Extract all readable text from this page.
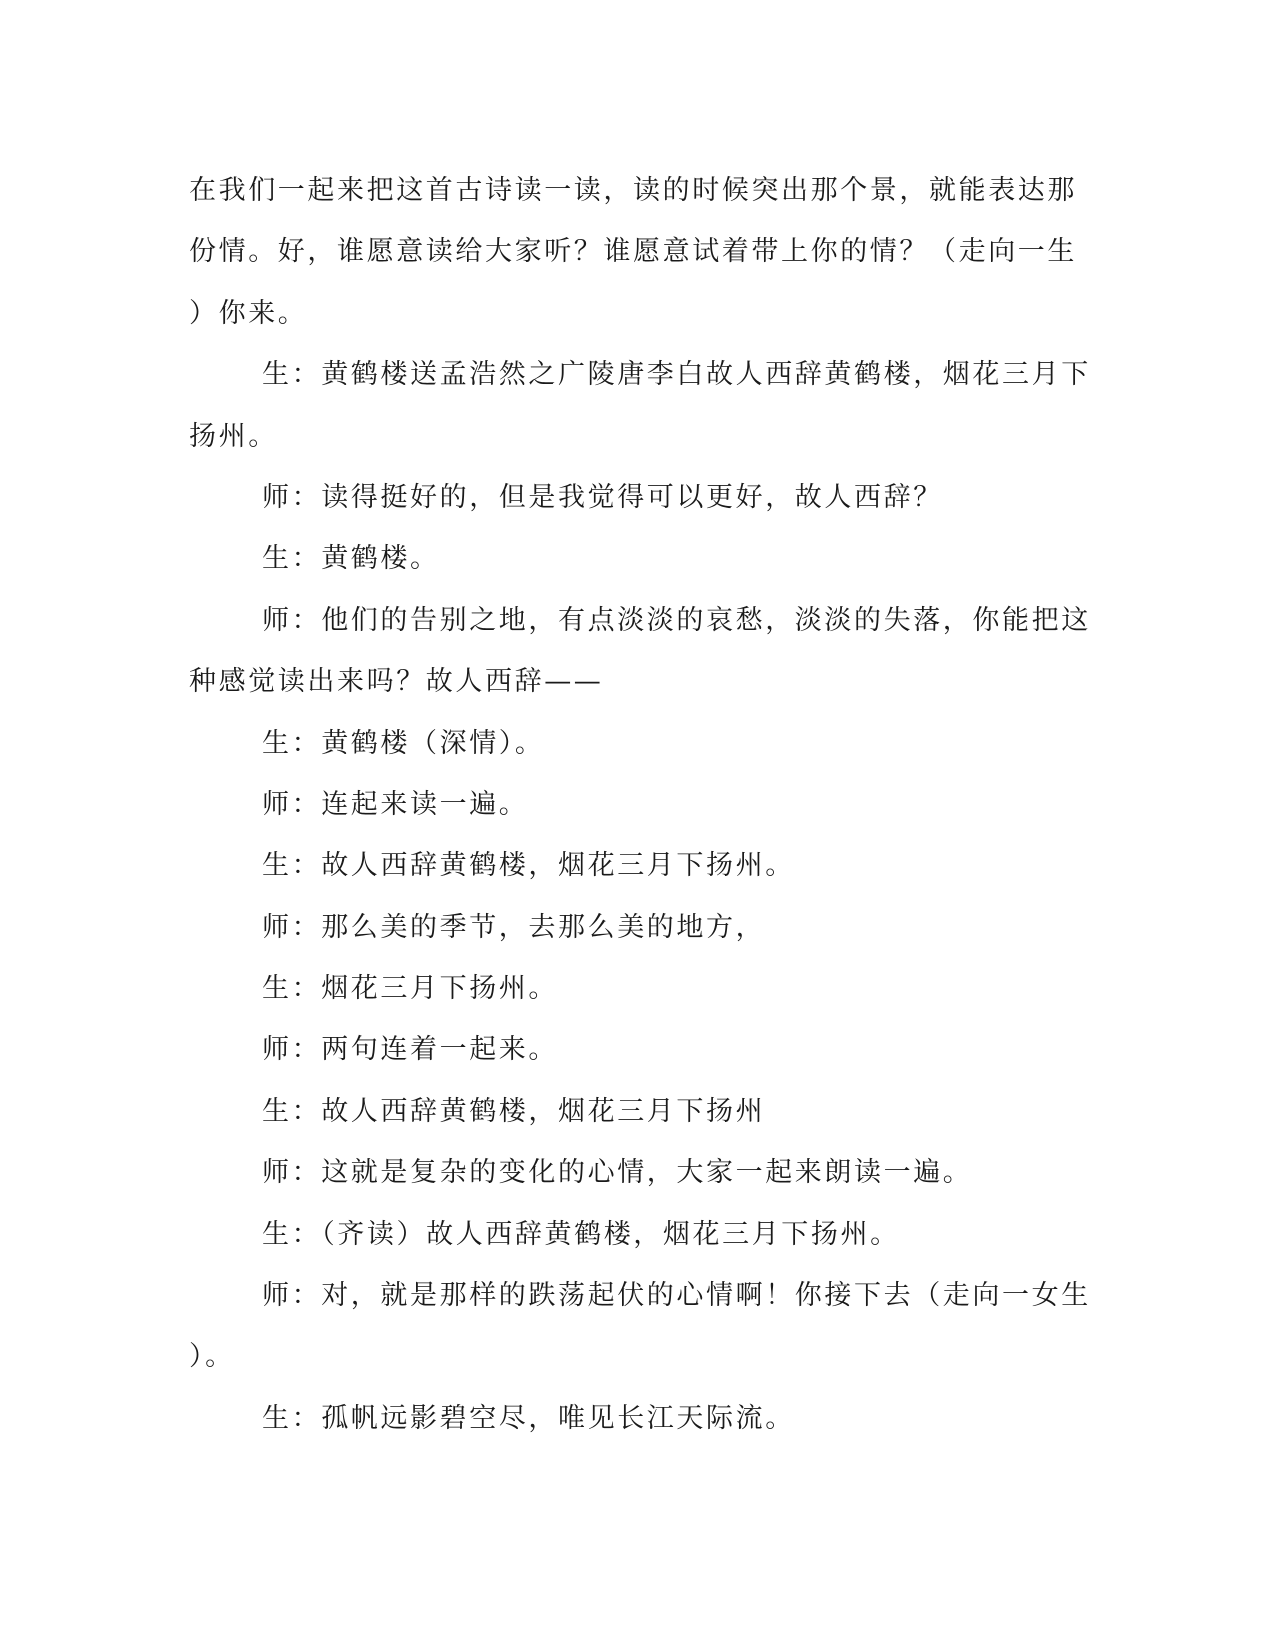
在我们一起来把这首古诗读一读，读的时候突出那个景，就能表达那
份情。好，谁愿意读给大家听？谁愿意试着带上你的情？（走向一生
）你来。
生：黄鹤楼送孟浩然之广陵唐李白故人西辞黄鹤楼，烟花三月下
扬州。
师：读得挺好的，但是我觉得可以更好，故人西辞？
生：黄鹤楼。
师：他们的告别之地，有点淡淡的哀愁，淡淡的失落，你能把这
种感觉读出来吗？故人西辞——
生：黄鹤楼（深情）。
师：连起来读一遍。
生：故人西辞黄鹤楼，烟花三月下扬州。
师：那么美的季节，去那么美的地方，
生：烟花三月下扬州。
师：两句连着一起来。
生：故人西辞黄鹤楼，烟花三月下扬州
师：这就是复杂的变化的心情，大家一起来朗读一遍。
生：（齐读）故人西辞黄鹤楼，烟花三月下扬州。
师：对，就是那样的跌荡起伏的心情啊！你接下去（走向一女生
）。
生：孤帆远影碧空尽，唯见长江天际流。
